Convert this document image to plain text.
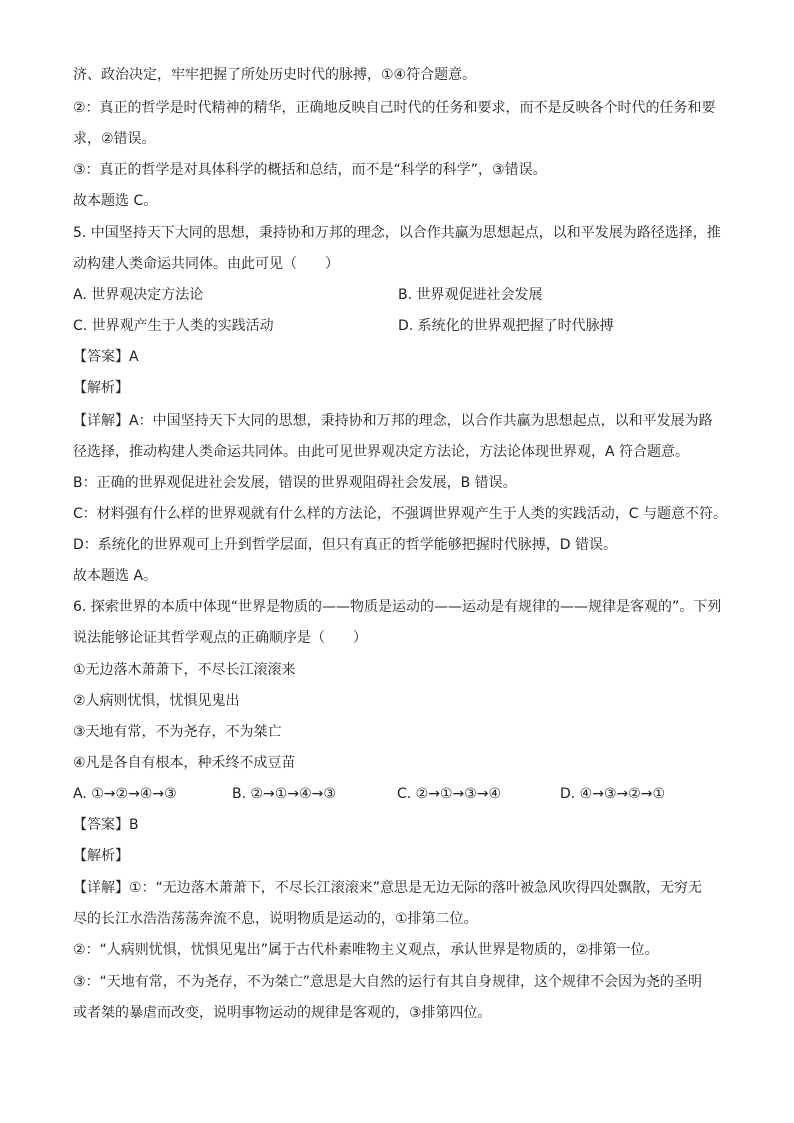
济、政治决定，牢牢把握了所处历史时代的脉搏，①④符合题意。
②：真正的哲学是时代精神的精华，正确地反映自己时代的任务和要求，而不是反映各个时代的任务和要
求，②错误。
③：真正的哲学是对具体科学的概括和总结，而不是“科学的科学”，③错误。
故本题选 C。
5. 中国坚持天下大同的思想，秉持协和万邦的理念，以合作共赢为思想起点，以和平发展为路径选择，推
动构建人类命运共同体。由此可见（　　）
A. 世界观决定方法论	B. 世界观促进社会发展
C. 世界观产生于人类的实践活动	D. 系统化的世界观把握了时代脉搏
【答案】A
【解析】
【详解】A：中国坚持天下大同的思想，秉持协和万邦的理念，以合作共赢为思想起点，以和平发展为路
径选择，推动构建人类命运共同体。由此可见世界观决定方法论，方法论体现世界观，A 符合题意。
B：正确的世界观促进社会发展，错误的世界观阻碍社会发展，B 错误。
C：材料强有什么样的世界观就有什么样的方法论，不强调世界观产生于人类的实践活动，C 与题意不符。
D：系统化的世界观可上升到哲学层面，但只有真正的哲学能够把握时代脉搏，D 错误。
故本题选 A。
6. 探索世界的本质中体现“世界是物质的——物质是运动的——运动是有规律的——规律是客观的”。下列
说法能够论证其哲学观点的正确顺序是（　　）
①无边落木萧萧下，不尽长江滚滚来
②人病则忧惧，忧惧见鬼出
③天地有常，不为尧存，不为桀亡
④凡是各自有根本，种禾终不成豆苗
A. ①→②→④→③	B. ②→①→④→③	C. ②→①→③→④	D. ④→③→②→①
【答案】B
【解析】
【详解】①：“无边落木萧萧下，不尽长江滚滚来”意思是无边无际的落叶被急风吹得四处飘散，无穷无
尽的长江水浩浩荡荡奔流不息，说明物质是运动的，①排第二位。
②：“人病则忧惧，忧惧见鬼出”属于古代朴素唯物主义观点，承认世界是物质的，②排第一位。
③：“天地有常，不为尧存，不为桀亡”意思是大自然的运行有其自身规律，这个规律不会因为尧的圣明
或者桀的暴虐而改变，说明事物运动的规律是客观的，③排第四位。
